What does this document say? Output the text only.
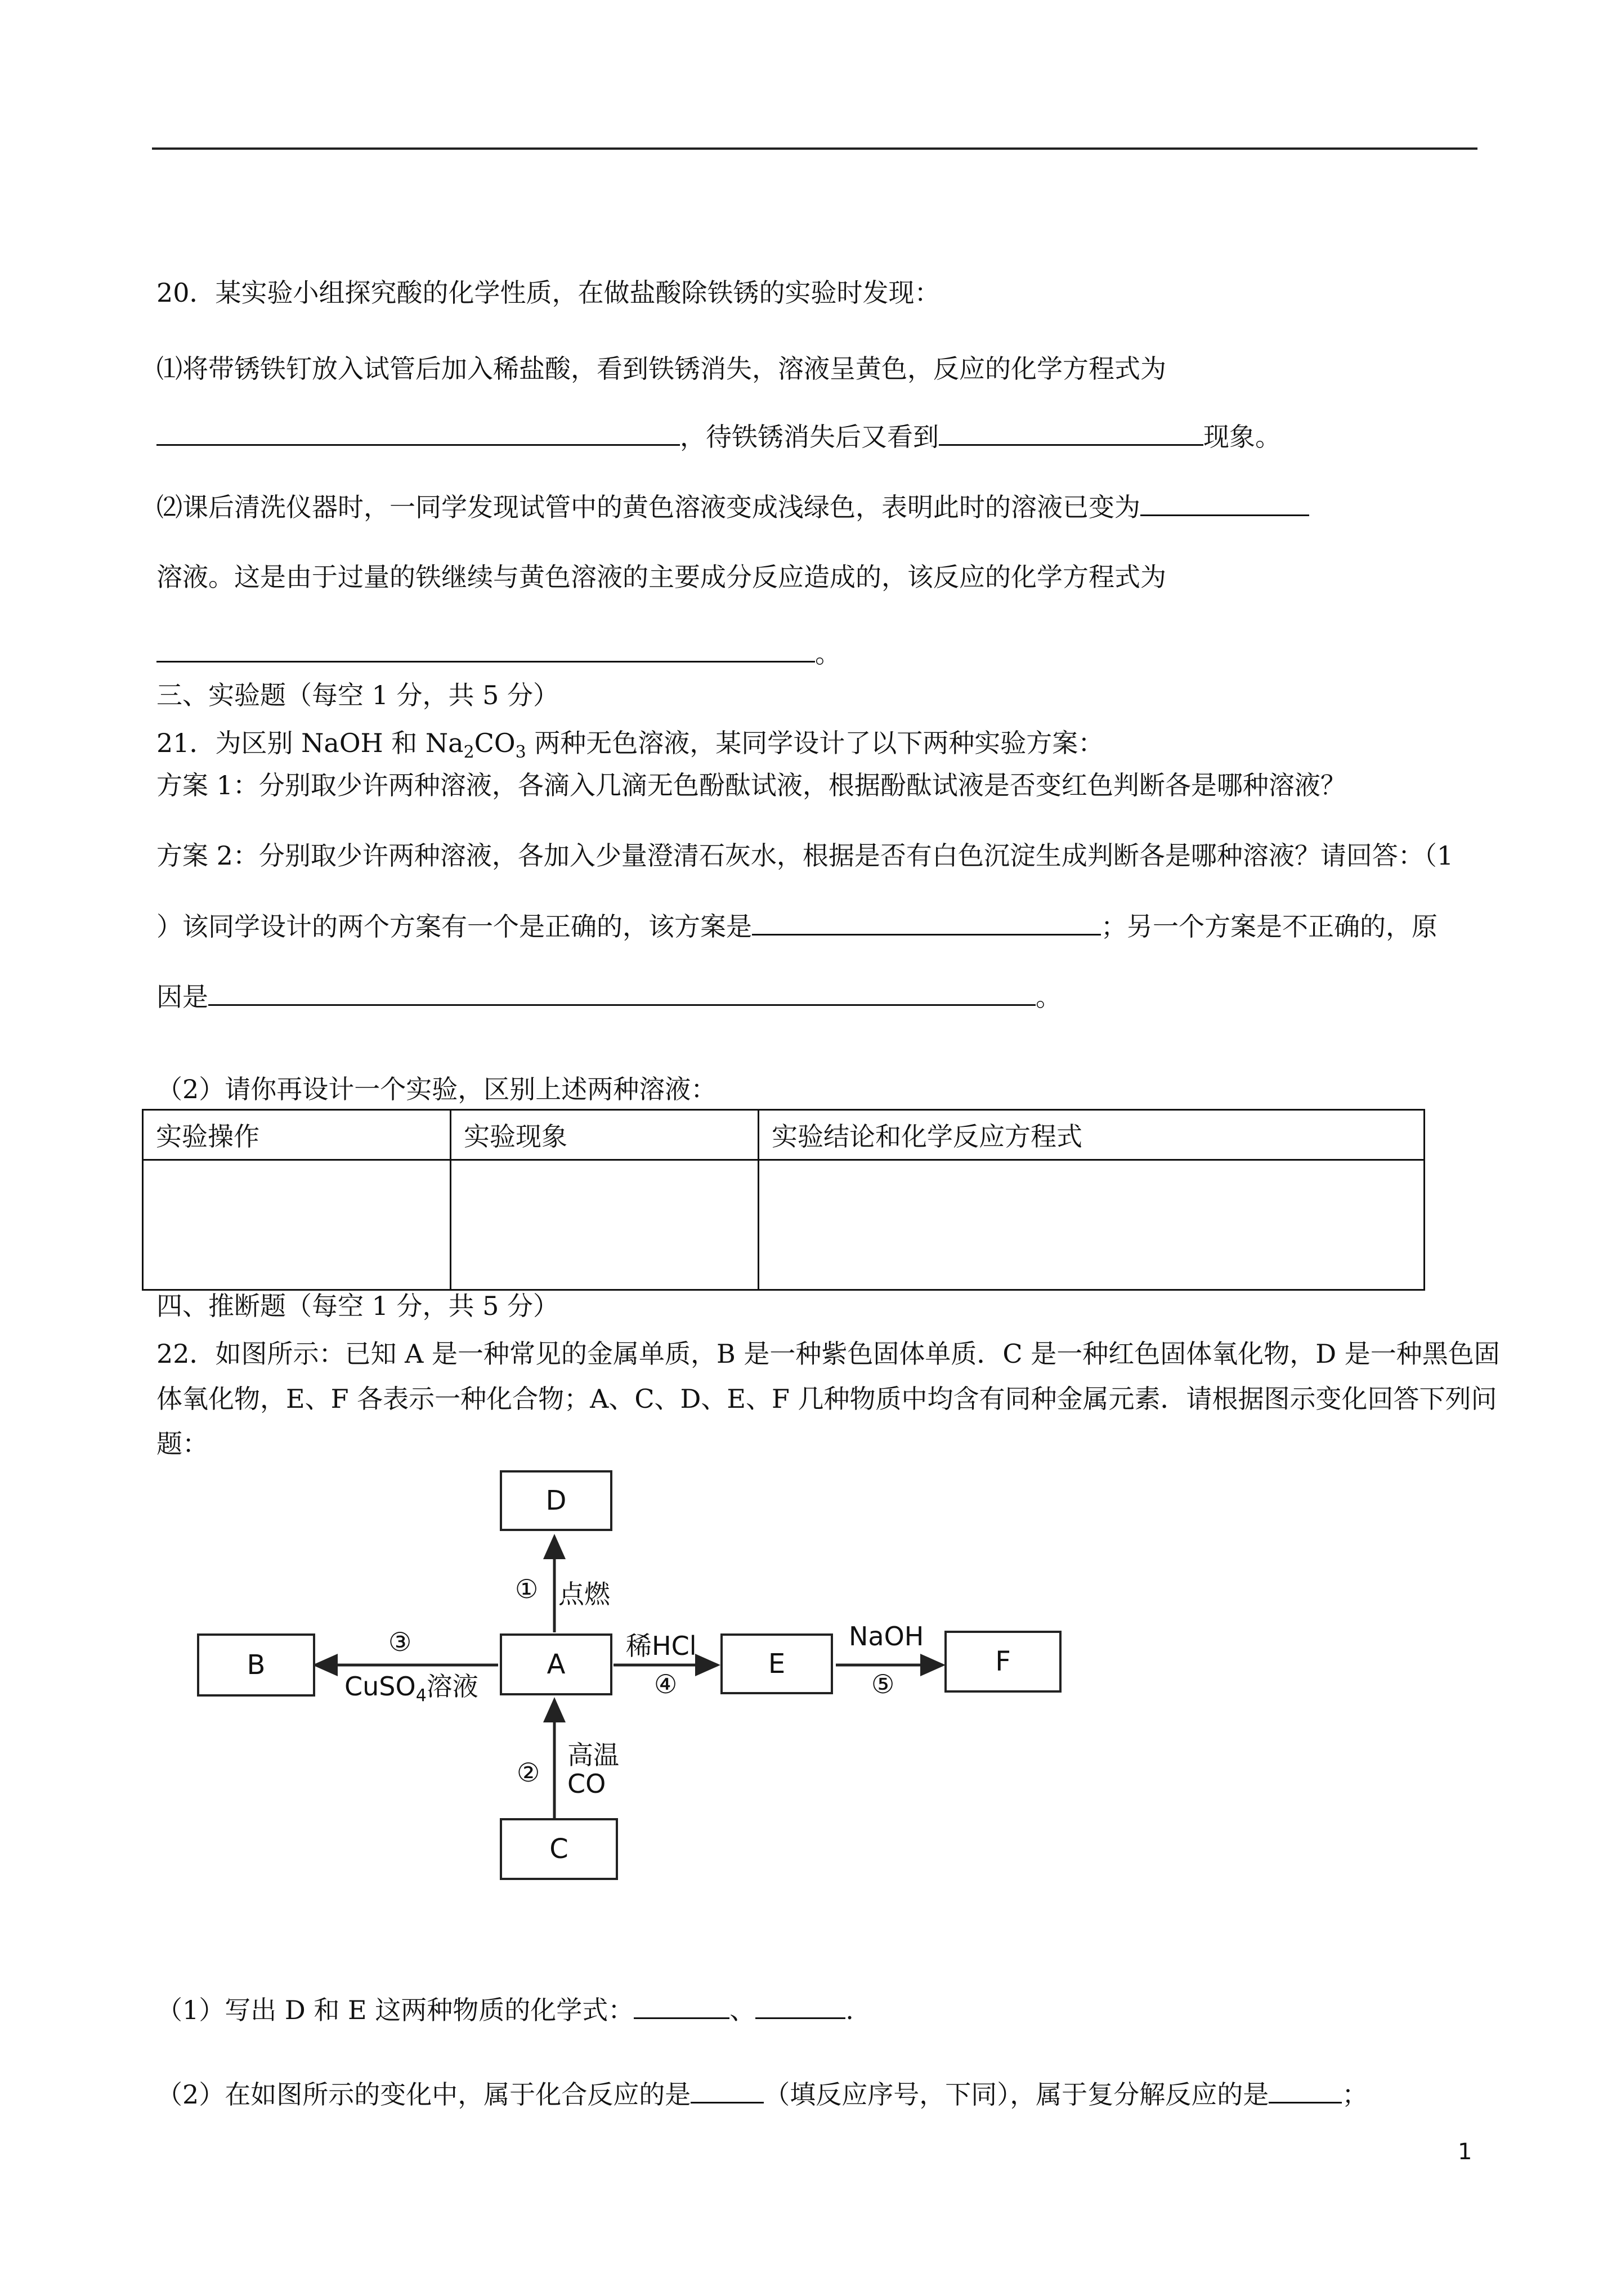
20．某实验小组探究酸的化学性质，在做盐酸除铁锈的实验时发现：
⑴将带锈铁钉放入试管后加入稀盐酸，看到铁锈消失，溶液呈黄色，反应的化学方程式为
，待铁锈消失后又看到	现象。
⑵课后清洗仪器时，一同学发现试管中的黄色溶液变成浅绿色，表明此时的溶液已变为
溶液。这是由于过量的铁继续与黄色溶液的主要成分反应造成的，该反应的化学方程式为
。
三、实验题（每空 1 分，共 5 分）
21．为区别 NaOH 和 $Na_2CO_3$ 两种无色溶液，某同学设计了以下两种实验方案：
方案 1：分别取少许两种溶液，各滴入几滴无色酚酞试液，根据酚酞试液是否变红色判断各是哪种溶液？
方案 2：分别取少许两种溶液，各加入少量澄清石灰水，根据是否有白色沉淀生成判断各是哪种溶液？请回答：（1
）该同学设计的两个方案有一个是正确的，该方案是	；另一个方案是不正确的，原
因是	。
（2）请你再设计一个实验，区别上述两种溶液：
实验操作	实验现象	实验结论和化学反应方程式

四、推断题（每空 1 分，共 5 分）
22．如图所示：已知 A 是一种常见的金属单质，B 是一种紫色固体单质．C 是一种红色固体氧化物，D 是一种黑色固
体氧化物，E、F 各表示一种化合物；A、C、D、E、F 几种物质中均含有同种金属元素．请根据图示变化回答下列问
题：
D
A
B	E	F
C
① 点燃
②
高温
CO
③
CuSO$_4$溶液
稀HCl
④
NaOH
⑤
（1）写出 D 和 E 这两种物质的化学式：	、	.
（2）在如图所示的变化中，属于化合反应的是	（填反应序号，下同），属于复分解反应的是	；
1
